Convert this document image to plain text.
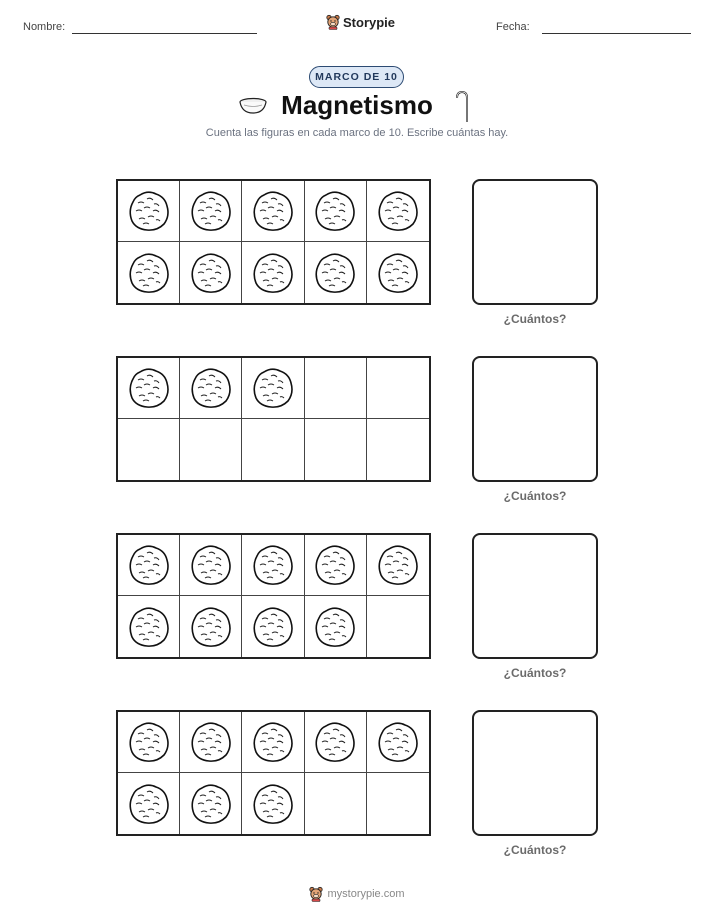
Nombre:	Storypie	Fecha:
MARCO DE 10
Magnetismo
Cuenta las figuras en cada marco de 10. Escribe cuántas hay.
¿Cuántos?
¿Cuántos?
¿Cuántos?
¿Cuántos?
mystorypie.com
